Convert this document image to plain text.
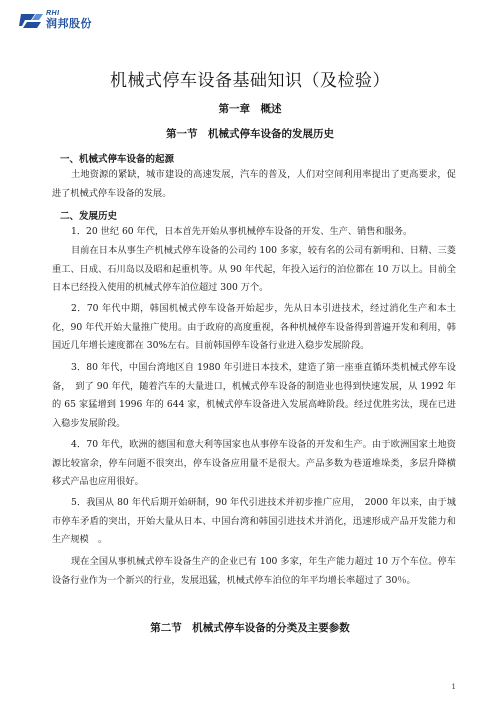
RHI
润邦股份
机械式停车设备基础知识（及检验）
第一章　概述
第一节　机械式停车设备的发展历史
一、机械式停车设备的起源
土地资源的紧缺，城市建设的高速发展，汽车的普及，人们对空间利用率提出了更高要求，促进了机械式停车设备的发展。
二、发展历史
1．20 世纪 60 年代，日本首先开始从事机械停车设备的开发、生产、销售和服务。
目前在日本从事生产机械式停车设备的公司约 100 多家，较有名的公司有新明和、日精、三菱重工、日成、石川岛以及昭和起重机等。从 90 年代起，年投入运行的泊位都在 10 万以上。目前全日本已经投入使用的机械式停车泊位超过 300 万个。
2．70 年代中期，韩国机械式停车设备开始起步，先从日本引进技术，经过消化生产和本土化，90 年代开始大量推广使用。由于政府的高度重视，各种机械停车设备得到普遍开发和利用，韩国近几年增长速度都在 30%左右。目前韩国停车设备行业进入稳步发展阶段。
3．80 年代，中国台湾地区自 1980 年引进日本技术，建造了第一座垂直循环类机械式停车设备，　到了 90 年代，随着汽车的大量进口，机械式停车设备的制造业也得到快速发展，从 1992 年的 65 家猛增到 1996 年的 644 家，机械式停车设备进入发展高峰阶段。经过优胜劣汰，现在已进入稳步发展阶段。
4．70 年代，欧洲的德国和意大利等国家也从事停车设备的开发和生产。由于欧洲国家土地资源比较富余，停车问题不很突出，停车设备应用量不是很大。产品多数为巷道堆垛类，多层升降横移式产品也应用很好。
5．我国从 80 年代后期开始研制，90 年代引进技术并初步推广应用，　2000 年以来，由于城市停车矛盾的突出，开始大量从日本、中国台湾和韩国引进技术并消化，迅速形成产品开发能力和生产规模　。
现在全国从事机械式停车设备生产的企业已有 100 多家，年生产能力超过 10 万个车位。停车设备行业作为一个新兴的行业，发展迅猛，机械式停车泊位的年平均增长率超过了 30％。
第二节　机械式停车设备的分类及主要参数
1
